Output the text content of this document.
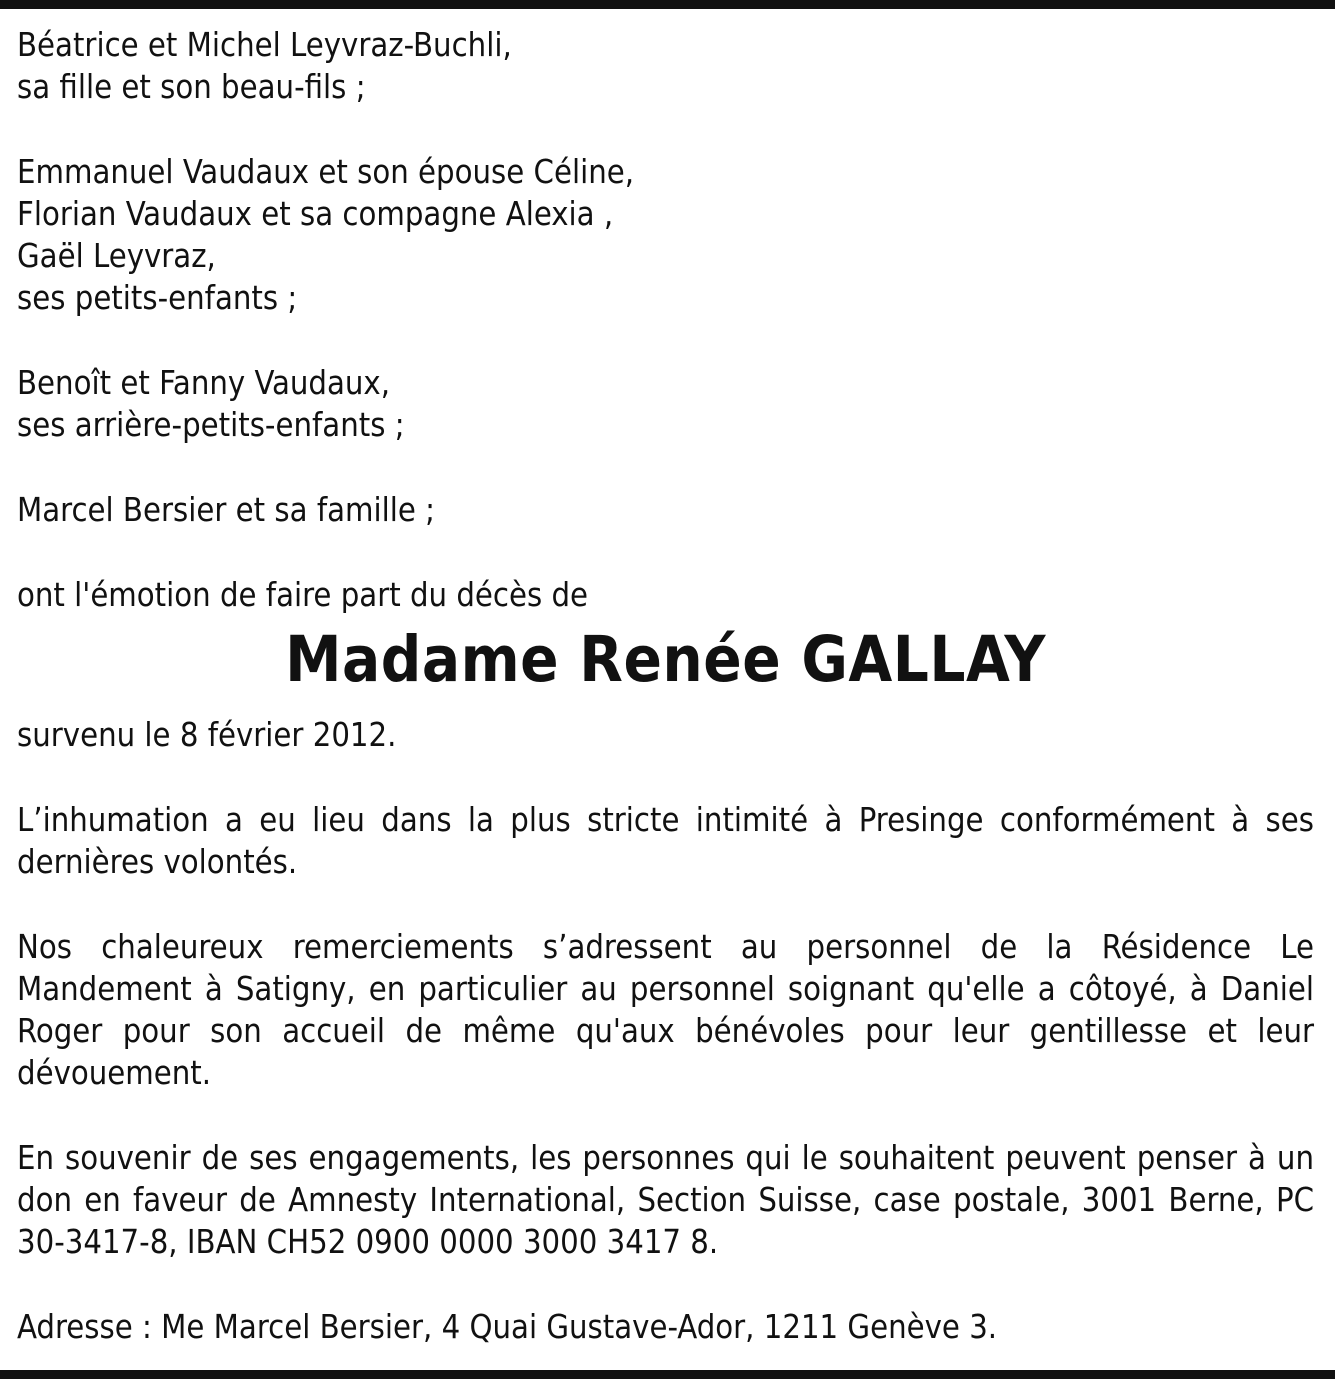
Béatrice et Michel Leyvraz-Buchli,
sa fille et son beau-fils ;
Emmanuel Vaudaux et son épouse Céline,
Florian Vaudaux et sa compagne Alexia ,
Gaël Leyvraz,
ses petits-enfants ;
Benoît et Fanny Vaudaux,
ses arrière-petits-enfants ;
Marcel Bersier et sa famille ;
ont l'émotion de faire part du décès de
Madame Renée GALLAY
survenu le 8 février 2012.
L’inhumation a eu lieu dans la plus stricte intimité à Presinge conformément à ses dernières volontés.
Nos chaleureux remerciements s’adressent au personnel de la Résidence Le Mandement à Satigny, en particulier au personnel soignant qu'elle a côtoyé, à Daniel Roger pour son accueil de même qu'aux bénévoles pour leur gentillesse et leur dévouement.
En souvenir de ses engagements, les personnes qui le souhaitent peuvent penser à un don en faveur de Amnesty International, Section Suisse, case postale, 3001 Berne, PC 30-3417-8, IBAN CH52 0900 0000 3000 3417 8.
Adresse : Me Marcel Bersier, 4 Quai Gustave-Ador, 1211 Genève 3.
